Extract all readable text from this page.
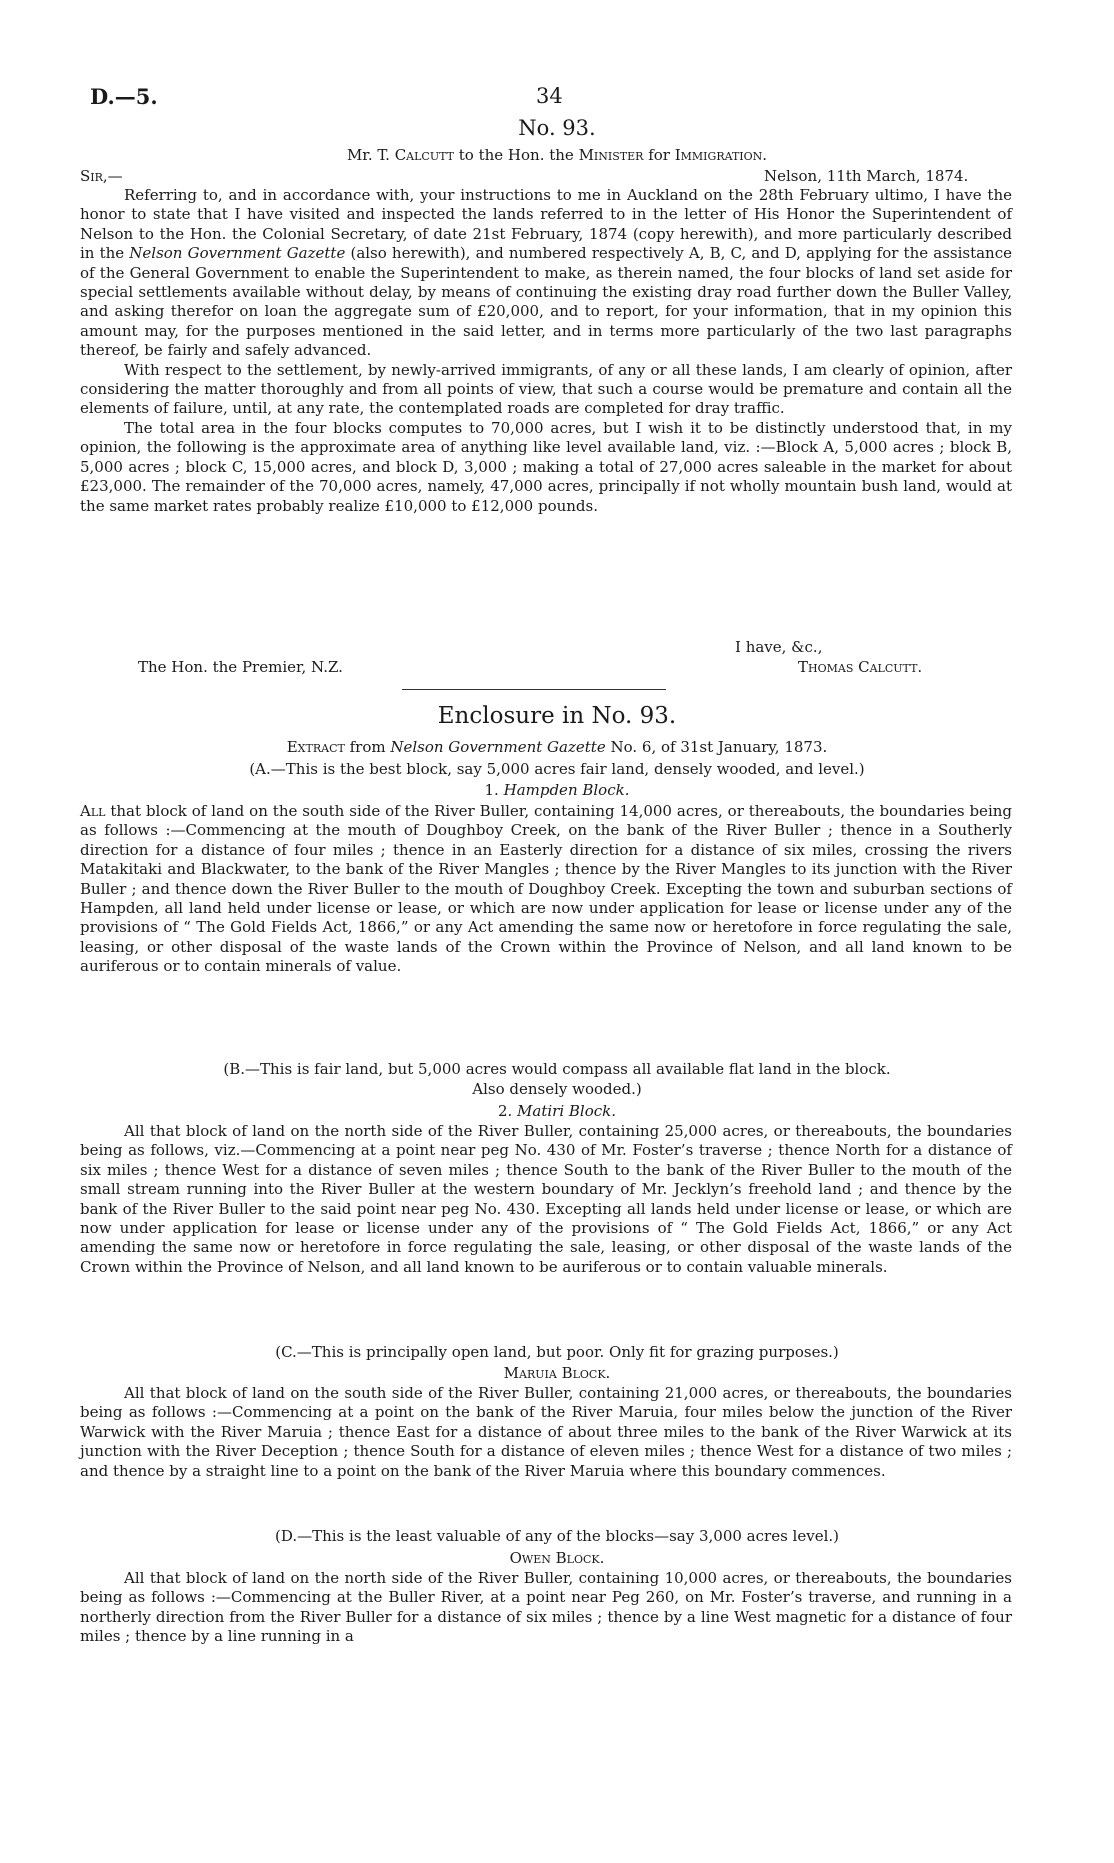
D.—5.	34
No. 93.
Mr. T. Calcutt to the Hon. the Minister for Immigration.
Sir,—	Nelson, 11th March, 1874.

Referring to, and in accordance with, your instructions to me in Auckland on the 28th February ultimo, I have the honor to state that I have visited and inspected the lands referred to in the letter of His Honor the Superintendent of Nelson to the Hon. the Colonial Secretary, of date 21st February, 1874 (copy herewith), and more particularly described in the Nelson Government Gazette (also herewith), and numbered respectively A, B, C, and D, applying for the assistance of the General Government to enable the Superintendent to make, as therein named, the four blocks of land set aside for special settlements available without delay, by means of continuing the existing dray road further down the Buller Valley, and asking therefor on loan the aggregate sum of £20,000, and to report, for your information, that in my opinion this amount may, for the purposes mentioned in the said letter, and in terms more particularly of the two last paragraphs thereof, be fairly and safely advanced.

With respect to the settlement, by newly-arrived immigrants, of any or all these lands, I am clearly of opinion, after considering the matter thoroughly and from all points of view, that such a course would be premature and contain all the elements of failure, until, at any rate, the contemplated roads are completed for dray traffic.

The total area in the four blocks computes to 70,000 acres, but I wish it to be distinctly understood that, in my opinion, the following is the approximate area of anything like level available land, viz. :—Block A, 5,000 acres ; block B, 5,000 acres ; block C, 15,000 acres, and block D, 3,000 ; making a total of 27,000 acres saleable in the market for about £23,000. The remainder of the 70,000 acres, namely, 47,000 acres, principally if not wholly mountain bush land, would at the same market rates probably realize £10,000 to £12,000 pounds.

I have, &c.,
The Hon. the Premier, N.Z.	Thomas Calcutt.
Enclosure in No. 93.
Extract from Nelson Government Gazette No. 6, of 31st January, 1873.
(A.—This is the best block, say 5,000 acres fair land, densely wooded, and level.)
1. Hampden Block.

All that block of land on the south side of the River Buller, containing 14,000 acres, or thereabouts, the boundaries being as follows :—Commencing at the mouth of Doughboy Creek, on the bank of the River Buller ; thence in a Southerly direction for a distance of four miles ; thence in an Easterly direction for a distance of six miles, crossing the rivers Matakitaki and Blackwater, to the bank of the River Mangles ; thence by the River Mangles to its junction with the River Buller ; and thence down the River Buller to the mouth of Doughboy Creek. Excepting the town and suburban sections of Hampden, all land held under license or lease, or which are now under application for lease or license under any of the provisions of “ The Gold Fields Act, 1866,” or any Act amending the same now or heretofore in force regulating the sale, leasing, or other disposal of the waste lands of the Crown within the Province of Nelson, and all land known to be auriferous or to contain minerals of value.

(B.—This is fair land, but 5,000 acres would compass all available flat land in the block.
Also densely wooded.)
2. Matiri Block.

All that block of land on the north side of the River Buller, containing 25,000 acres, or thereabouts, the boundaries being as follows, viz.—Commencing at a point near peg No. 430 of Mr. Foster’s traverse ; thence North for a distance of six miles ; thence West for a distance of seven miles ; thence South to the bank of the River Buller to the mouth of the small stream running into the River Buller at the western boundary of Mr. Jecklyn’s freehold land ; and thence by the bank of the River Buller to the said point near peg No. 430. Excepting all lands held under license or lease, or which are now under application for lease or license under any of the provisions of “ The Gold Fields Act, 1866,” or any Act amending the same now or heretofore in force regulating the sale, leasing, or other disposal of the waste lands of the Crown within the Province of Nelson, and all land known to be auriferous or to contain valuable minerals.

(C.—This is principally open land, but poor. Only fit for grazing purposes.)
Maruia Block.

All that block of land on the south side of the River Buller, containing 21,000 acres, or thereabouts, the boundaries being as follows :—Commencing at a point on the bank of the River Maruia, four miles below the junction of the River Warwick with the River Maruia ; thence East for a distance of about three miles to the bank of the River Warwick at its junction with the River Deception ; thence South for a distance of eleven miles ; thence West for a distance of two miles ; and thence by a straight line to a point on the bank of the River Maruia where this boundary commences.

(D.—This is the least valuable of any of the blocks—say 3,000 acres level.)
Owen Block.

All that block of land on the north side of the River Buller, containing 10,000 acres, or thereabouts, the boundaries being as follows :—Commencing at the Buller River, at a point near Peg 260, on Mr. Foster’s traverse, and running in a northerly direction from the River Buller for a distance of six miles ; thence by a line West magnetic for a distance of four miles ; thence by a line running in a
